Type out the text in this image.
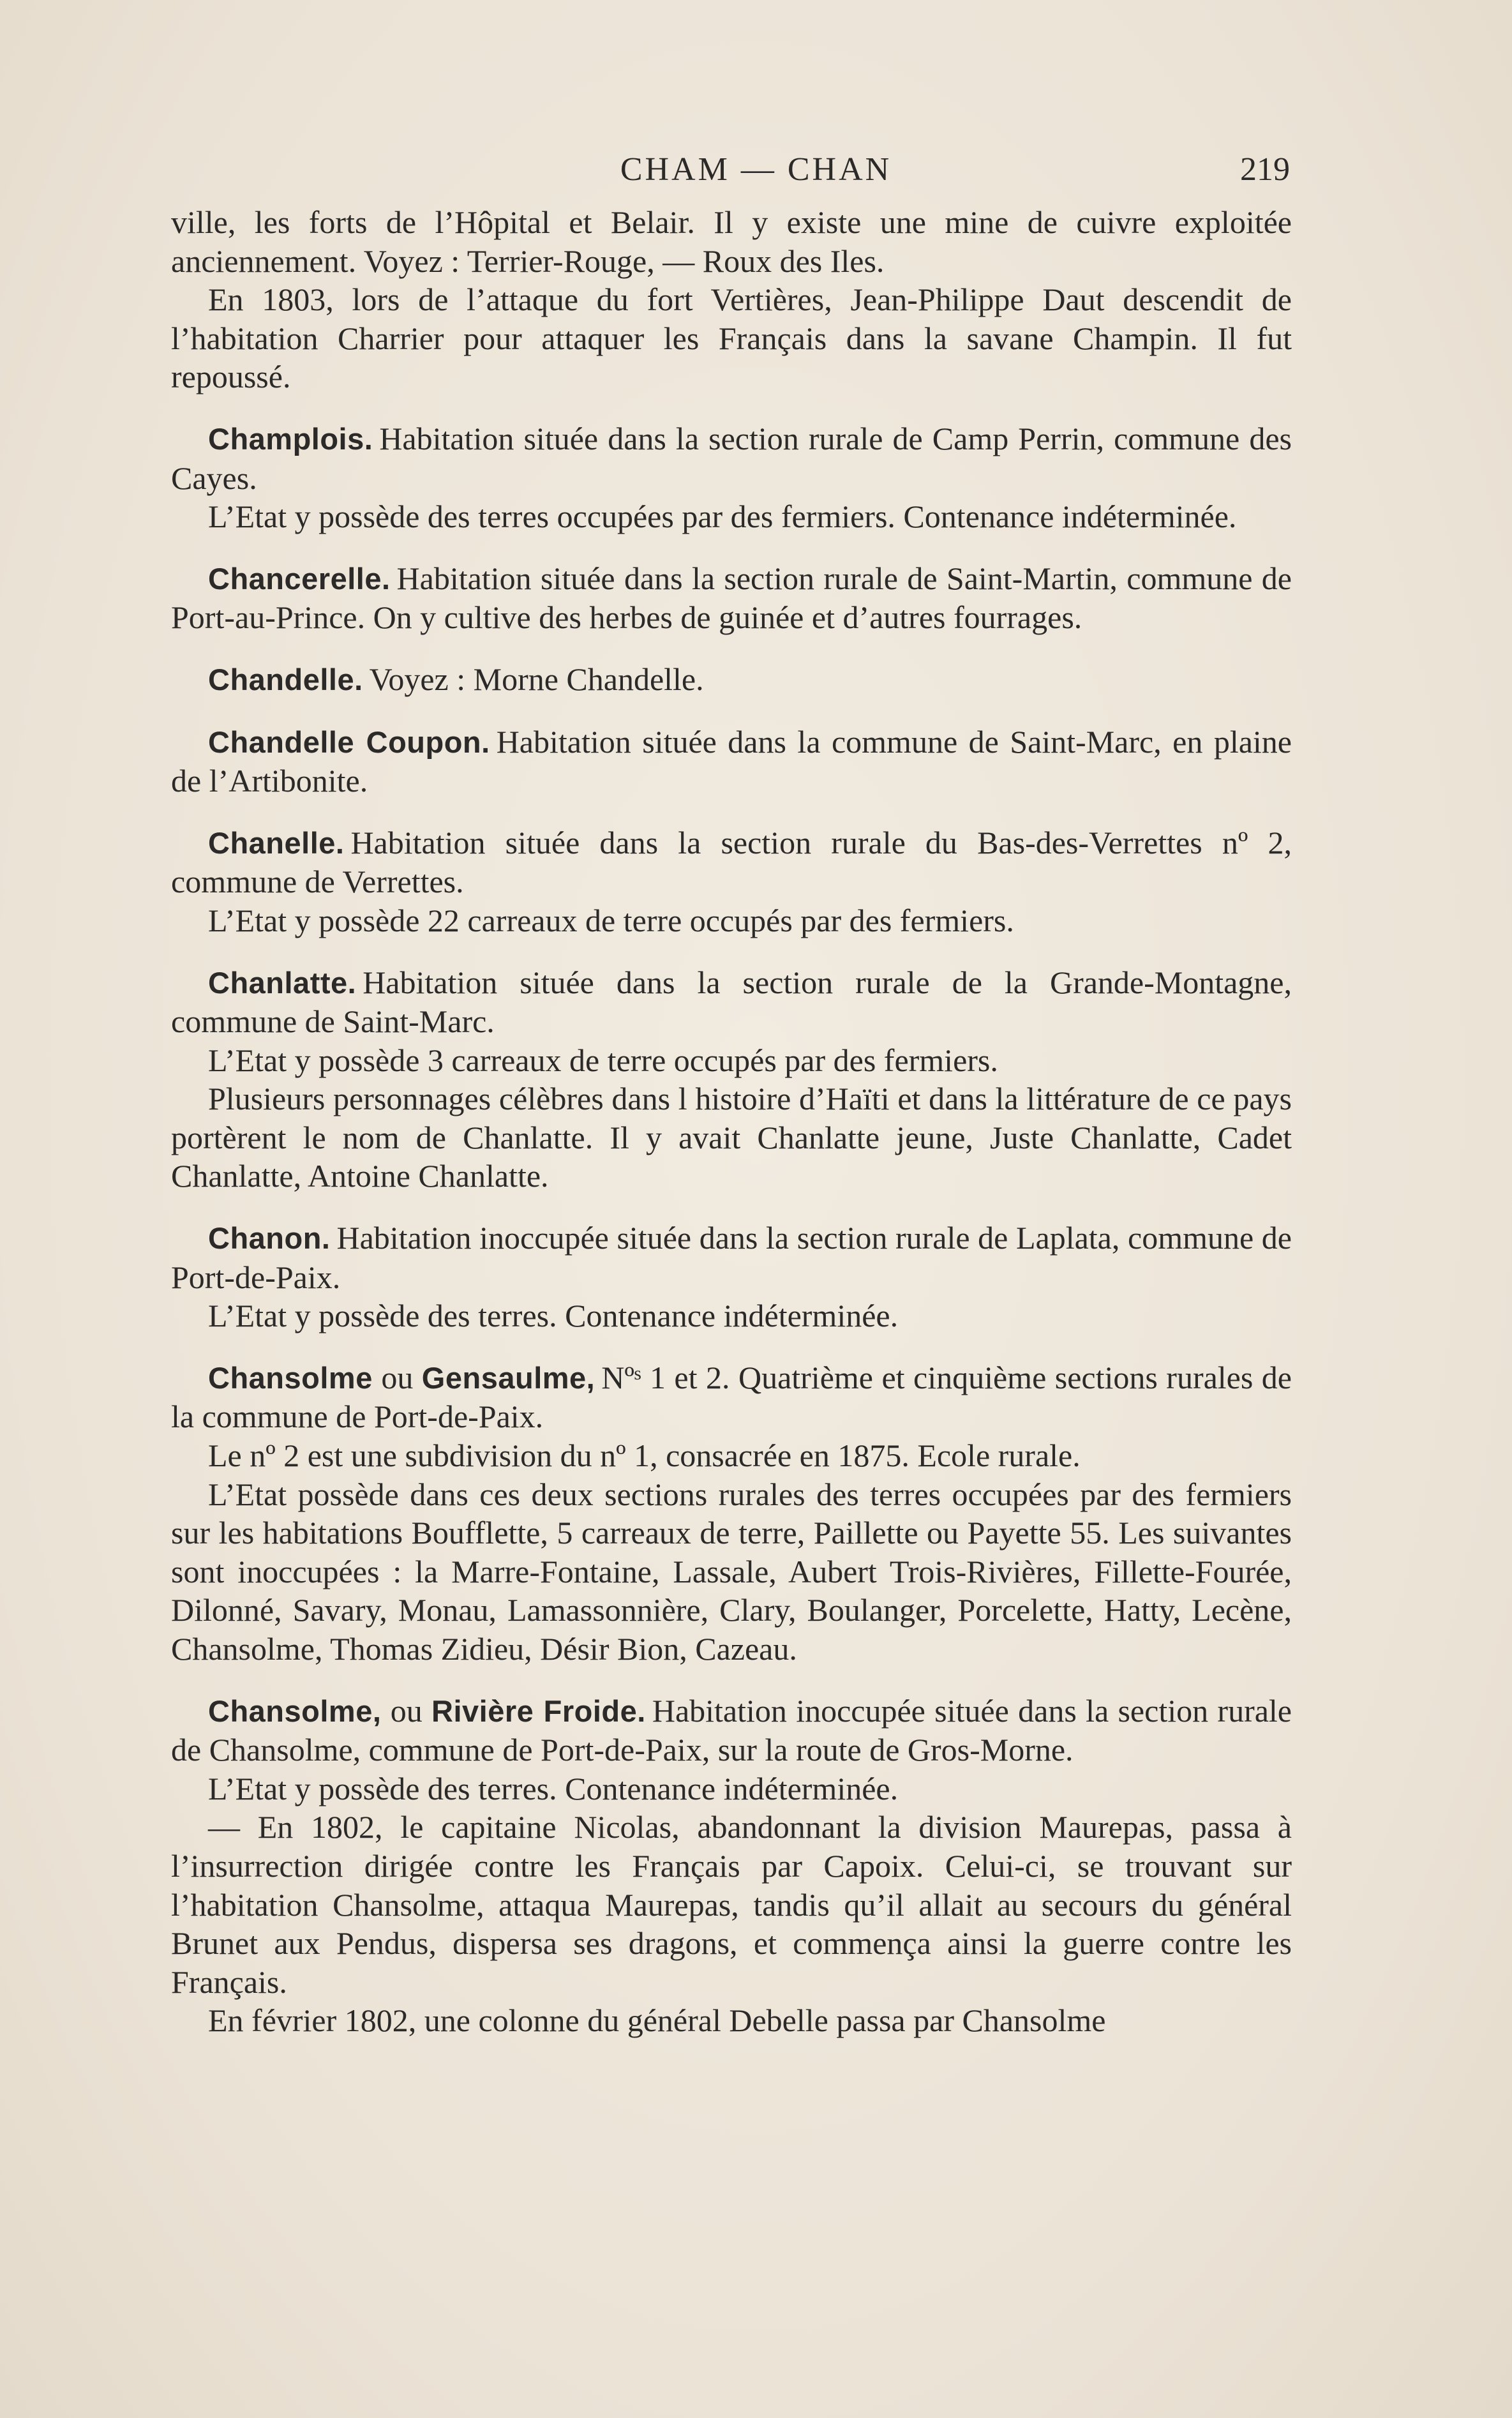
CHAM — CHAN	219

ville, les forts de l’Hôpital et Belair. Il y existe une mine de cuivre exploitée anciennement. Voyez : Terrier-Rouge, — Roux des Iles.

En 1803, lors de l’attaque du fort Vertières, Jean-Philippe Daut descendit de l’habitation Charrier pour attaquer les Français dans la savane Champin. Il fut repoussé.

Champlois. Habitation située dans la section rurale de Camp Perrin, commune des Cayes.

L’Etat y possède des terres occupées par des fermiers. Contenance indéterminée.

Chancerelle. Habitation située dans la section rurale de Saint-Martin, commune de Port-au-Prince. On y cultive des herbes de guinée et d’autres fourrages.

Chandelle. Voyez : Morne Chandelle.

Chandelle Coupon. Habitation située dans la commune de Saint-Marc, en plaine de l’Artibonite.

Chanelle. Habitation située dans la section rurale du Bas-des-Verrettes nº 2, commune de Verrettes.

L’Etat y possède 22 carreaux de terre occupés par des fermiers.

Chanlatte. Habitation située dans la section rurale de la Grande-Montagne, commune de Saint-Marc.

L’Etat y possède 3 carreaux de terre occupés par des fermiers.

Plusieurs personnages célèbres dans l histoire d’Haïti et dans la littérature de ce pays portèrent le nom de Chanlatte. Il y avait Chanlatte jeune, Juste Chanlatte, Cadet Chanlatte, Antoine Chanlatte.

Chanon. Habitation inoccupée située dans la section rurale de Laplata, commune de Port-de-Paix.

L’Etat y possède des terres. Contenance indéterminée.

Chansolme ou Gensaulme, Nºˢ 1 et 2. Quatrième et cinquième sections rurales de la commune de Port-de-Paix.

Le nº 2 est une subdivision du nº 1, consacrée en 1875. Ecole rurale.

L’Etat possède dans ces deux sections rurales des terres occupées par des fermiers sur les habitations Boufflette, 5 carreaux de terre, Paillette ou Payette 55. Les suivantes sont inoccupées : la Marre-Fontaine, Lassale, Aubert Trois-Rivières, Fillette-Fourée, Dilonné, Savary, Monau, Lamassonnière, Clary, Boulanger, Porcelette, Hatty, Lecène, Chansolme, Thomas Zidieu, Désir Bion, Cazeau.

Chansolme, ou Rivière Froide. Habitation inoccupée située dans la section rurale de Chansolme, commune de Port-de-Paix, sur la route de Gros-Morne.

L’Etat y possède des terres. Contenance indéterminée.

— En 1802, le capitaine Nicolas, abandonnant la division Maurepas, passa à l’insurrection dirigée contre les Français par Capoix. Celui-ci, se trouvant sur l’habitation Chansolme, attaqua Maurepas, tandis qu’il allait au secours du général Brunet aux Pendus, dispersa ses dragons, et commença ainsi la guerre contre les Français.

En février 1802, une colonne du général Debelle passa par Chansolme
